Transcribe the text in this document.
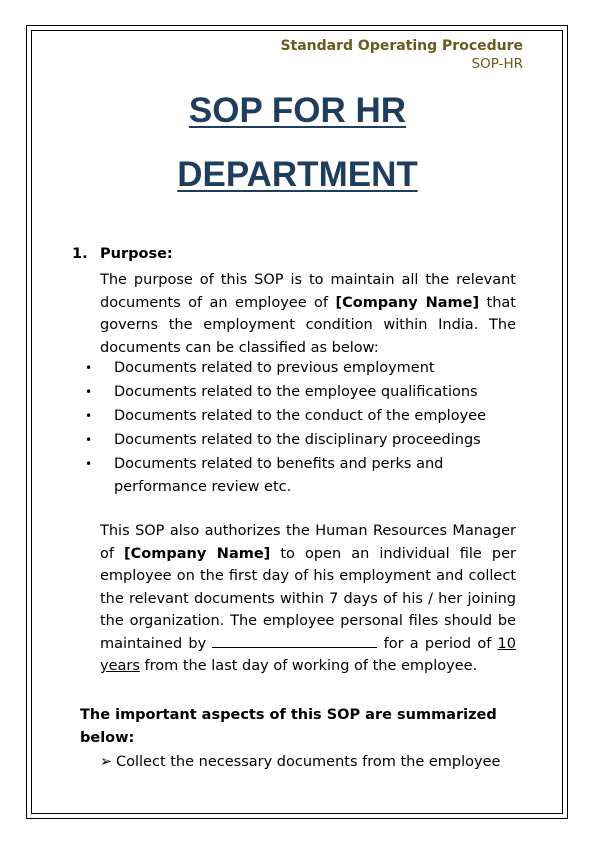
Standard Operating Procedure
SOP-HR
SOP FOR HR
DEPARTMENT
1. Purpose:
The purpose of this SOP is to maintain all the relevant documents of an employee of [Company Name] that governs the employment condition within India. The documents can be classified as below:
• Documents related to previous employment
• Documents related to the employee qualifications
• Documents related to the conduct of the employee
• Documents related to the disciplinary proceedings
• Documents related to benefits and perks and performance review etc.
This SOP also authorizes the Human Resources Manager of [Company Name] to open an individual file per employee on the first day of his employment and collect the relevant documents within 7 days of his / her joining the organization. The employee personal files should be maintained by	for a period of 10 years from the last day of working of the employee.
The important aspects of this SOP are summarized below:
➢ Collect the necessary documents from the employee
